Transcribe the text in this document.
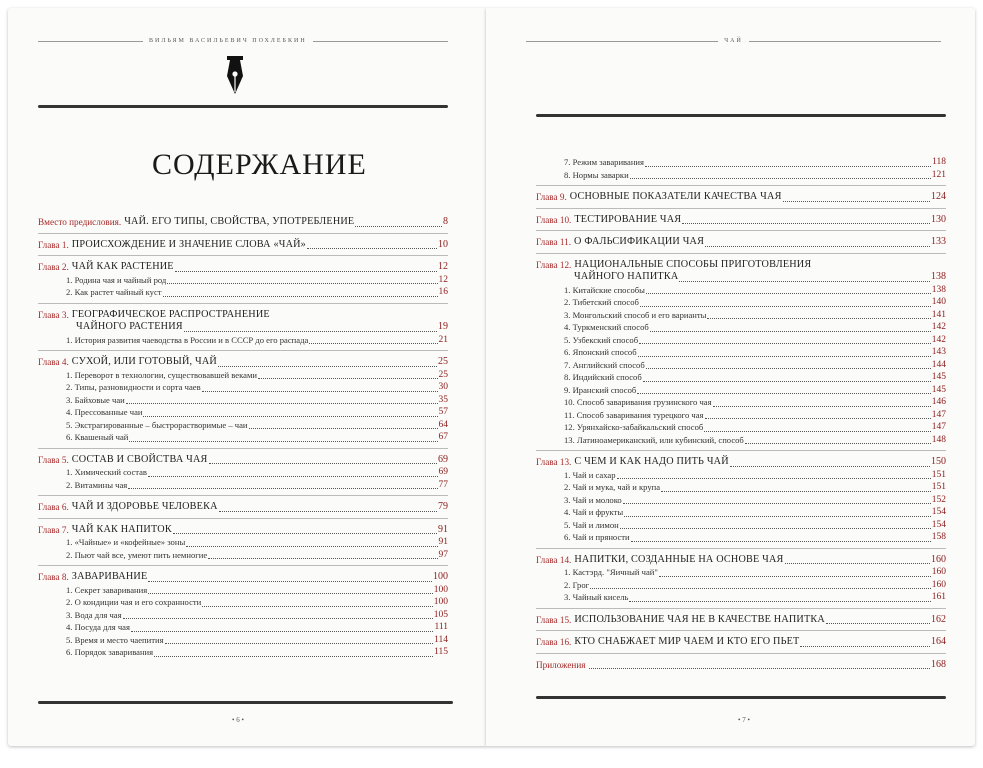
ВИЛЬЯМ ВАСИЛЬЕВИЧ ПОХЛЕБКИН
СОДЕРЖАНИЕ
Вместо предисловия. ЧАЙ. ЕГО ТИПЫ, СВОЙСТВА, УПОТРЕБЛЕНИЕ	8
Глава 1. ПРОИСХОЖДЕНИЕ И ЗНАЧЕНИЕ СЛОВА «ЧАЙ»	10
Глава 2. ЧАЙ КАК РАСТЕНИЕ	12
1. Родина чая и чайный род	12
2. Как растет чайный куст	16
Глава 3. ГЕОГРАФИЧЕСКОЕ РАСПРОСТРАНЕНИЕ
ЧАЙНОГО РАСТЕНИЯ	19
1. История развития чаеводства в России и в СССР до его распада	21
Глава 4. СУХОЙ, ИЛИ ГОТОВЫЙ, ЧАЙ	25
1. Переворот в технологии, существовавшей веками	25
2. Типы, разновидности и сорта чаев	30
3. Байховые чаи	35
4. Прессованные чаи	57
5. Экстрагированные – быстрорастворимые – чаи	64
6. Квашеный чай	67
Глава 5. СОСТАВ И СВОЙСТВА ЧАЯ	69
1. Химический состав	69
2. Витамины чая	77
Глава 6. ЧАЙ И ЗДОРОВЬЕ ЧЕЛОВЕКА	79
Глава 7. ЧАЙ КАК НАПИТОК	91
1. «Чайные» и «кофейные» зоны	91
2. Пьют чай все, умеют пить немногие	97
Глава 8. ЗАВАРИВАНИЕ	100
1. Секрет заваривания	100
2. О кондиции чая и его сохранности	100
3. Вода для чая	105
4. Посуда для чая	111
5. Время и место чаепития	114
6. Порядок заваривания	115
• 6 •
ЧАЙ
7. Режим заваривания	118
8. Нормы заварки	121
Глава 9. ОСНОВНЫЕ ПОКАЗАТЕЛИ КАЧЕСТВА ЧАЯ	124
Глава 10. ТЕСТИРОВАНИЕ ЧАЯ	130
Глава 11. О ФАЛЬСИФИКАЦИИ ЧАЯ	133
Глава 12. НАЦИОНАЛЬНЫЕ СПОСОБЫ ПРИГОТОВЛЕНИЯ
ЧАЙНОГО НАПИТКА	138
1. Китайские способы	138
2. Тибетский способ	140
3. Монгольский способ и его варианты	141
4. Туркменский способ	142
5. Узбекский способ	142
6. Японский способ	143
7. Английский способ	144
8. Индийский способ	145
9. Иранский способ	145
10. Способ заваривания грузинского чая	146
11. Способ заваривания турецкого чая	147
12. Урянхайско-забайкальский способ	147
13. Латиноамериканский, или кубинский, способ	148
Глава 13. С ЧЕМ И КАК НАДО ПИТЬ ЧАЙ	150
1. Чай и сахар	151
2. Чай и мука, чай и крупа	151
3. Чай и молоко	152
4. Чай и фрукты	154
5. Чай и лимон	154
6. Чай и пряности	158
Глава 14. НАПИТКИ, СОЗДАННЫЕ НА ОСНОВЕ ЧАЯ	160
1. Кастэрд. "Яичный чай"	160
2. Грог	160
3. Чайный кисель	161
Глава 15. ИСПОЛЬЗОВАНИЕ ЧАЯ НЕ В КАЧЕСТВЕ НАПИТКА	162
Глава 16. КТО СНАБЖАЕТ МИР ЧАЕМ И КТО ЕГО ПЬЕТ	164
Приложения	168
• 7 •
